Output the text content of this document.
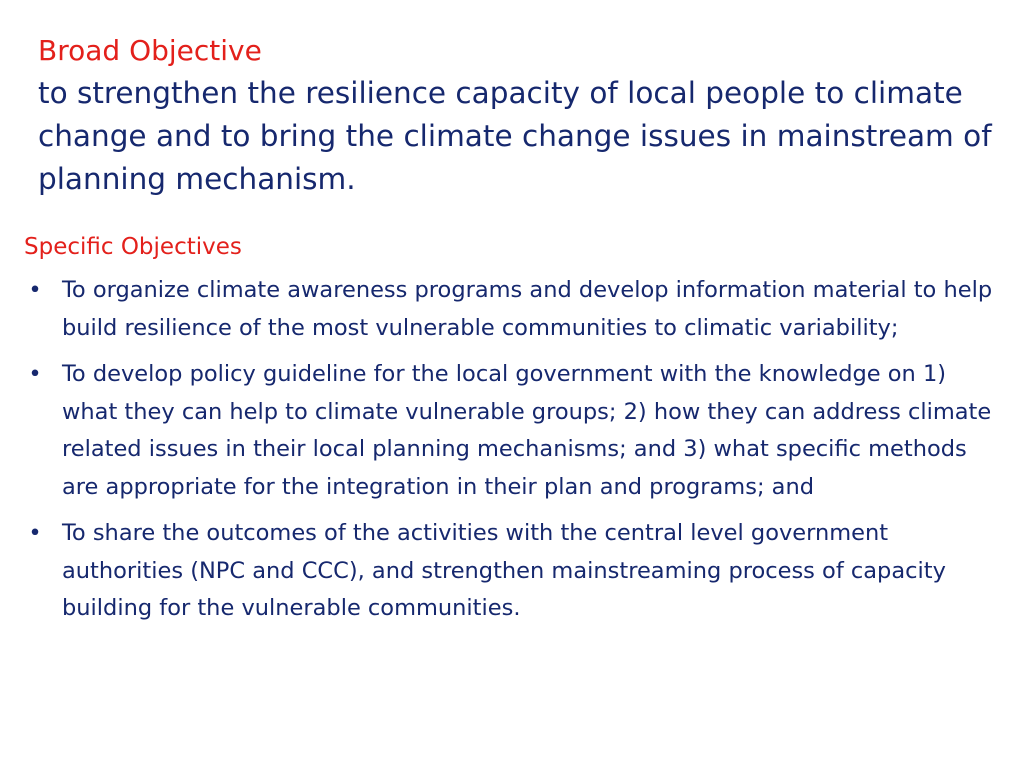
Broad Objective
to strengthen the resilience capacity of local people to climate change and to bring the climate change issues in mainstream of planning mechanism.
Specific Objectives
• To organize climate awareness programs and develop information material to help build resilience of the most vulnerable communities to climatic variability;
• To develop policy guideline for the local government with the knowledge on 1) what they can help to climate vulnerable groups; 2) how they can address climate related issues in their local planning mechanisms; and 3) what specific methods are appropriate for the integration in their plan and programs; and
• To share the outcomes of the activities with the central level government authorities (NPC and CCC), and strengthen mainstreaming process of capacity building for the vulnerable communities.
